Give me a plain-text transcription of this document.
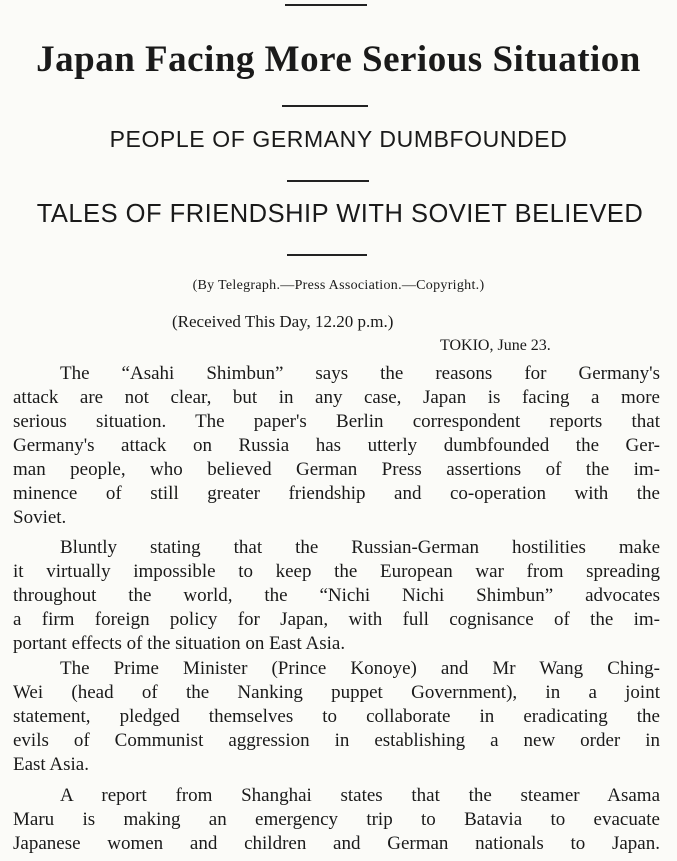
Japan Facing More Serious Situation
PEOPLE OF GERMANY DUMBFOUNDED
TALES OF FRIENDSHIP WITH SOVIET BELIEVED
(By Telegraph.—Press Association.—Copyright.)
(Received This Day, 12.20 p.m.)
TOKIO, June 23.
The “Asahi Shimbun” says the reasons for Germany's
attack are not clear, but in any case, Japan is facing a more
serious situation. The paper's Berlin correspondent reports that
Germany's attack on Russia has utterly dumbfounded the Ger-
man people, who believed German Press assertions of the im-
minence of still greater friendship and co-operation with the
Soviet.
Bluntly stating that the Russian-German hostilities make
it virtually impossible to keep the European war from spreading
throughout the world, the “Nichi Nichi Shimbun” advocates
a firm foreign policy for Japan, with full cognisance of the im-
portant effects of the situation on East Asia.
The Prime Minister (Prince Konoye) and Mr Wang Ching-
Wei (head of the Nanking puppet Government), in a joint
statement, pledged themselves to collaborate in eradicating the
evils of Communist aggression in establishing a new order in
East Asia.
A report from Shanghai states that the steamer Asama
Maru is making an emergency trip to Batavia to evacuate
Japanese women and children and German nationals to Japan.
